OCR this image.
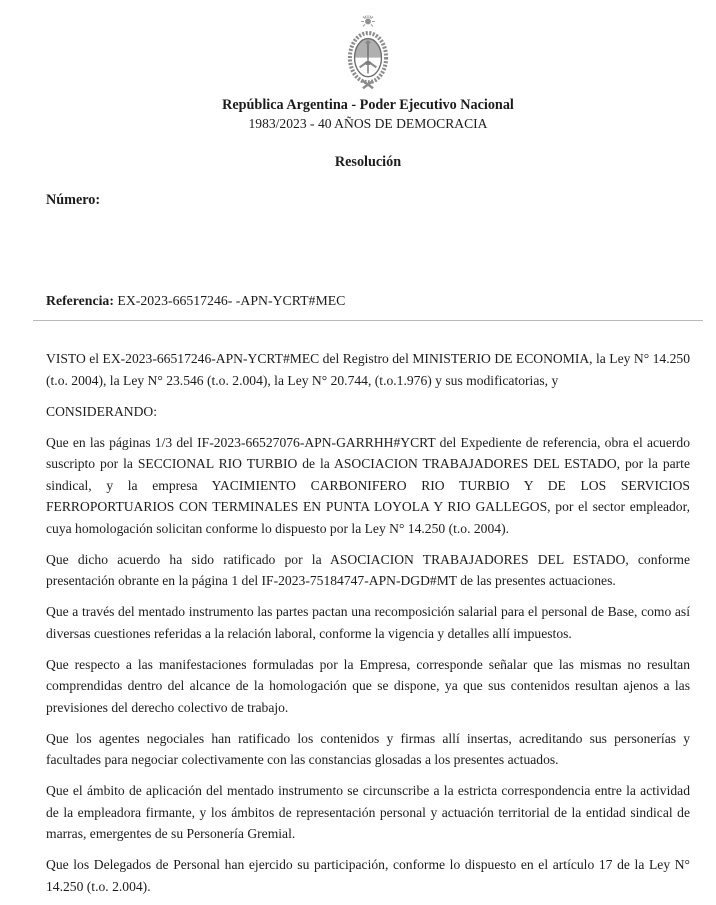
República Argentina - Poder Ejecutivo Nacional
1983/2023 - 40 AÑOS DE DEMOCRACIA
Resolución
Número:
Referencia: EX-2023-66517246- -APN-YCRT#MEC

VISTO el EX-2023-66517246-APN-YCRT#MEC del Registro del MINISTERIO DE ECONOMIA, la Ley N° 14.250 (t.o. 2004), la Ley N° 23.546 (t.o. 2.004), la Ley N° 20.744, (t.o.1.976) y sus modificatorias, y

CONSIDERANDO:

Que en las páginas 1/3 del IF-2023-66527076-APN-GARRHH#YCRT del Expediente de referencia, obra el acuerdo suscripto por la SECCIONAL RIO TURBIO de la ASOCIACION TRABAJADORES DEL ESTADO, por la parte sindical, y la empresa YACIMIENTO CARBONIFERO RIO TURBIO Y DE LOS SERVICIOS FERROPORTUARIOS CON TERMINALES EN PUNTA LOYOLA Y RIO GALLEGOS, por el sector empleador, cuya homologación solicitan conforme lo dispuesto por la Ley N° 14.250 (t.o. 2004).

Que dicho acuerdo ha sido ratificado por la ASOCIACION TRABAJADORES DEL ESTADO, conforme presentación obrante en la página 1 del IF-2023-75184747-APN-DGD#MT de las presentes actuaciones.

Que a través del mentado instrumento las partes pactan una recomposición salarial para el personal de Base, como así diversas cuestiones referidas a la relación laboral, conforme la vigencia y detalles allí impuestos.

Que respecto a las manifestaciones formuladas por la Empresa, corresponde señalar que las mismas no resultan comprendidas dentro del alcance de la homologación que se dispone, ya que sus contenidos resultan ajenos a las previsiones del derecho colectivo de trabajo.

Que los agentes negociales han ratificado los contenidos y firmas allí insertas, acreditando sus personerías y facultades para negociar colectivamente con las constancias glosadas a los presentes actuados.

Que el ámbito de aplicación del mentado instrumento se circunscribe a la estricta correspondencia entre la actividad de la empleadora firmante, y los ámbitos de representación personal y actuación territorial de la entidad sindical de marras, emergentes de su Personería Gremial.

Que los Delegados de Personal han ejercido su participación, conforme lo dispuesto en el artículo 17 de la Ley N° 14.250 (t.o. 2.004).
